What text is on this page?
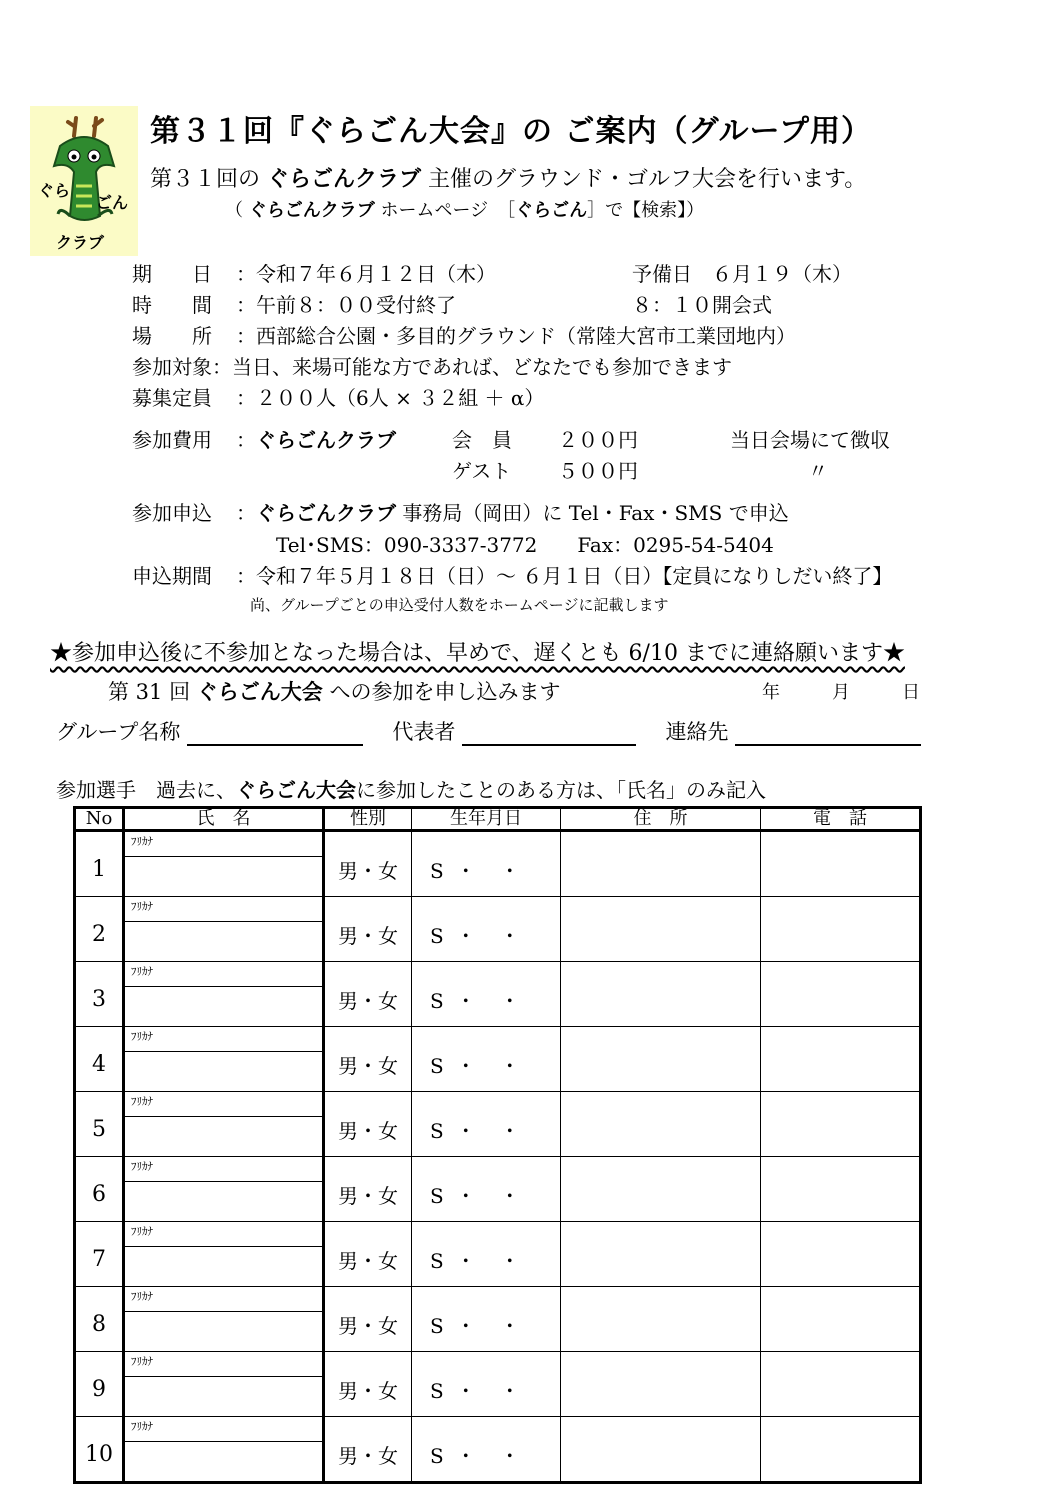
ぐら
ごん
クラブ
第３１回『ぐらごん大会』の ご案内（グループ用）
第３１回の ぐらごんクラブ 主催のグラウンド・ゴルフ大会を行います。
（ ぐらごんクラブ ホームページ　［ぐらごん］で【検索】）
期　　日 ：令和７年６月１２日（木）	予備日　 ６月１９（木）
時　　間 ：午前８：００受付終了	８：１０開会式
場　　所 ：西部総合公園・多目的グラウンド（常陸大宮市工業団地内）
参加対象：当日、来場可能な方であれば、どなたでも参加できます
募集定員 ：２００人（6人 × ３２組 ＋ α）
参加費用 ：ぐらごんクラブ	会　員 ２００円	当日会場にて徴収
ゲスト ５００円	〃
参加申込 ：ぐらごんクラブ 事務局（岡田）に Tel・Fax・SMS で申込
Tel･SMS：090-3337-3772　　Fax：0295-54-5404
申込期間 ：令和７年５月１８日（日）～ ６月１日（日）【定員になりしだい終了】
尚、グループごとの申込受付人数をホームページに記載します
★参加申込後に不参加となった場合は、早めで、遅くとも 6/10 までに連絡願います★
第 31 回 ぐらごん大会 への参加を申し込みます	年	月	日
グループ名称	代表者	連絡先
参加選手　過去に、ぐらごん大会に参加したことのある方は、「氏名」のみ記入
No	氏　名	性別	生年月日	住　所	電　話
1	ﾌﾘｶﾅ	男・女	S ・ ・		
2	ﾌﾘｶﾅ	男・女	S ・ ・		
3	ﾌﾘｶﾅ	男・女	S ・ ・		
4	ﾌﾘｶﾅ	男・女	S ・ ・		
5	ﾌﾘｶﾅ	男・女	S ・ ・		
6	ﾌﾘｶﾅ	男・女	S ・ ・		
7	ﾌﾘｶﾅ	男・女	S ・ ・		
8	ﾌﾘｶﾅ	男・女	S ・ ・		
9	ﾌﾘｶﾅ	男・女	S ・ ・		
10	ﾌﾘｶﾅ	男・女	S ・ ・		
